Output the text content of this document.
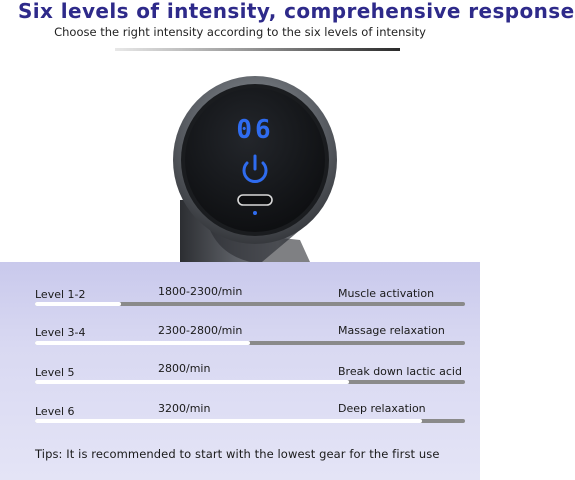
Six levels of intensity, comprehensive response
Choose the right intensity according to the six levels of intensity
06
Level 1-2	1800-2300/min	Muscle activation
Level 3-4	2300-2800/min	Massage relaxation
Level 5	2800/min	Break down lactic acid
Level 6	3200/min	Deep relaxation
Tips: It is recommended to start with the lowest gear for the first use
